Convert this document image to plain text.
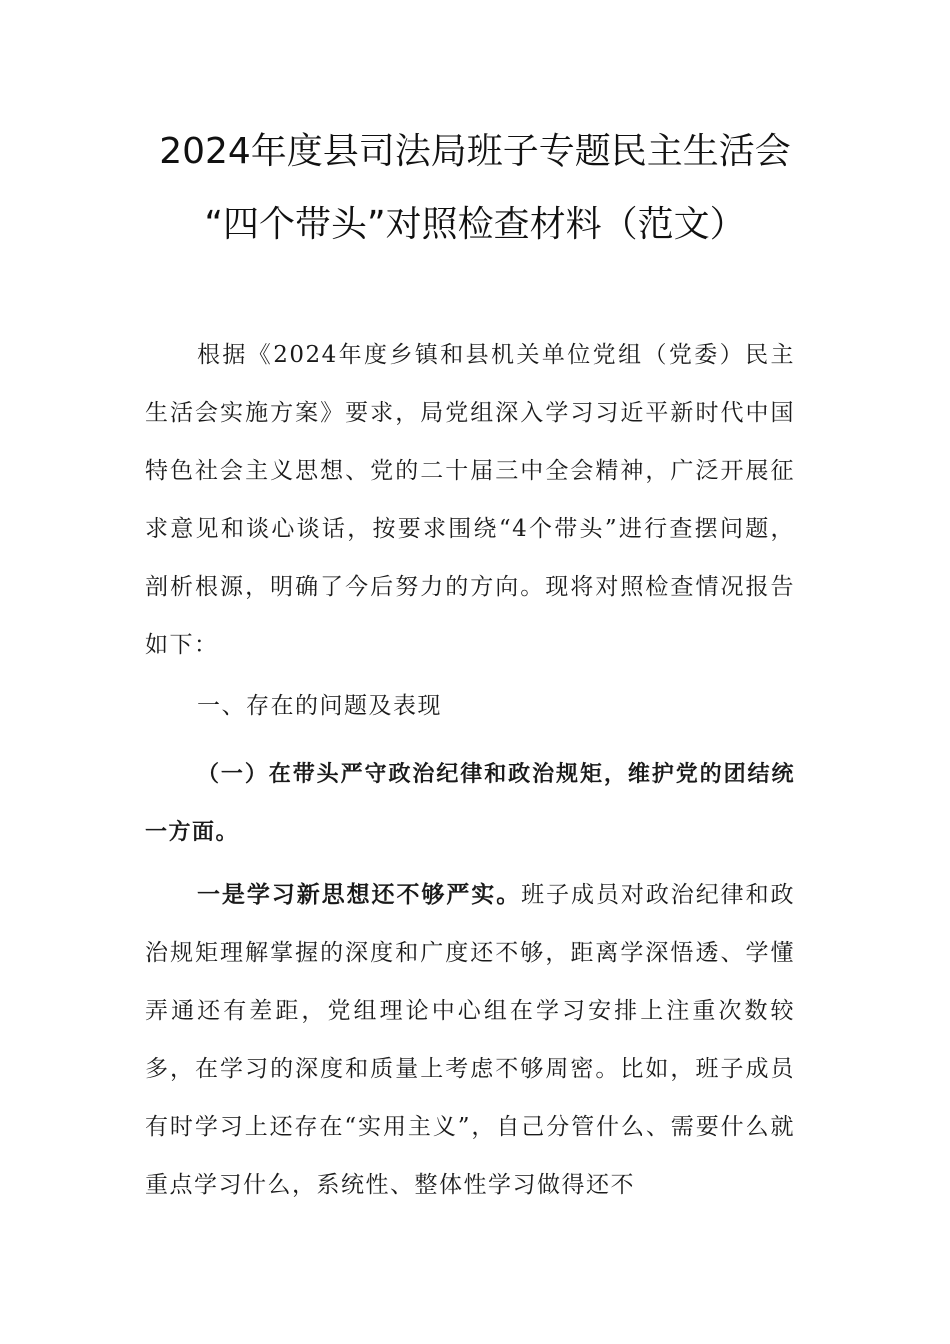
2024年度县司法局班子专题民主生活会
“四个带头”对照检查材料（范文）
根据《2024年度乡镇和县机关单位党组（党委）民主生活会实施方案》要求，局党组深入学习习近平新时代中国特色社会主义思想、党的二十届三中全会精神，广泛开展征求意见和谈心谈话，按要求围绕“4个带头”进行查摆问题，剖析根源，明确了今后努力的方向。现将对照检查情况报告如下：
一、存在的问题及表现
（一）在带头严守政治纪律和政治规矩，维护党的团结统一方面。
一是学习新思想还不够严实。班子成员对政治纪律和政治规矩理解掌握的深度和广度还不够，距离学深悟透、学懂弄通还有差距，党组理论中心组在学习安排上注重次数较多，在学习的深度和质量上考虑不够周密。比如，班子成员有时学习上还存在“实用主义”，自己分管什么、需要什么就重点学习什么，系统性、整体性学习做得还不
